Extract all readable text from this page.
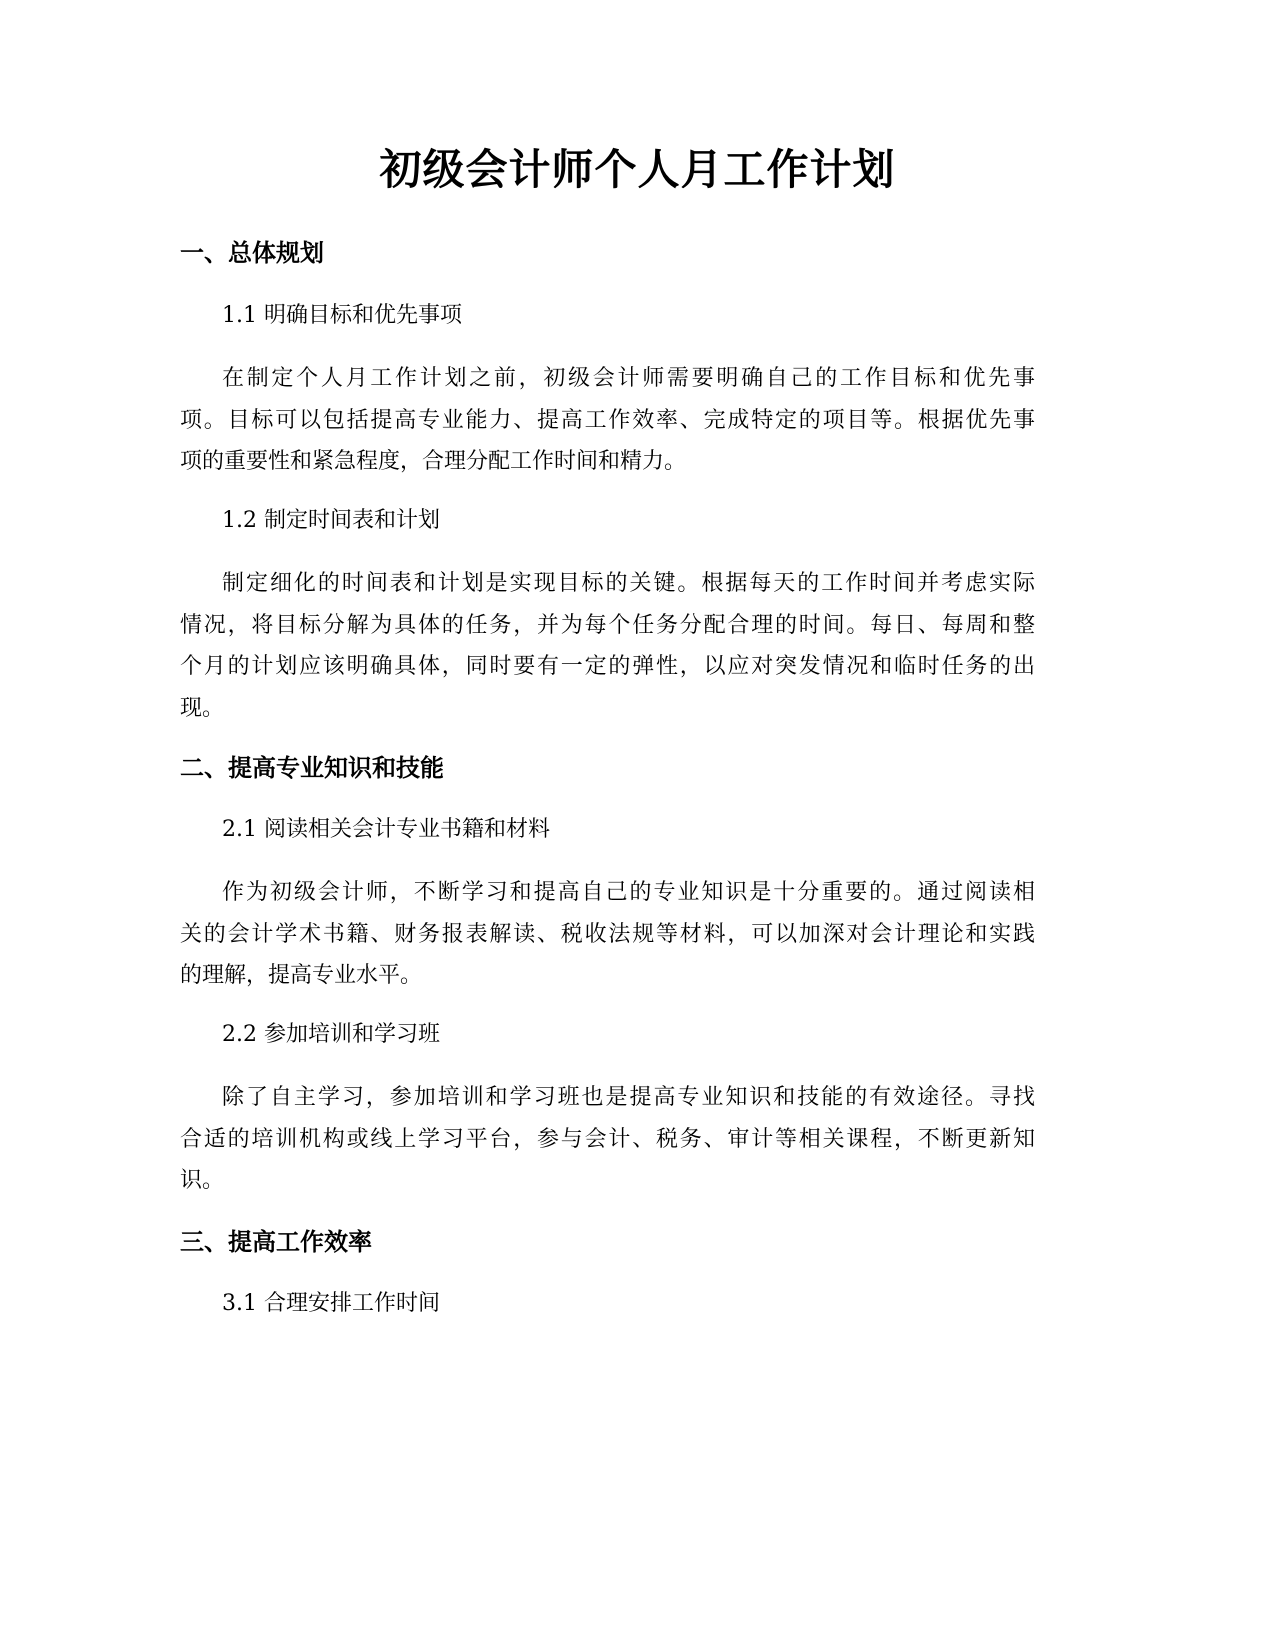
初级会计师个人月工作计划
一、总体规划
1.1 明确目标和优先事项
在制定个人月工作计划之前，初级会计师需要明确自己的工作目标和优先事
项。目标可以包括提高专业能力、提高工作效率、完成特定的项目等。根据优先事
项的重要性和紧急程度，合理分配工作时间和精力。
1.2 制定时间表和计划
制定细化的时间表和计划是实现目标的关键。根据每天的工作时间并考虑实际
情况，将目标分解为具体的任务，并为每个任务分配合理的时间。每日、每周和整
个月的计划应该明确具体，同时要有一定的弹性，以应对突发情况和临时任务的出
现。
二、提高专业知识和技能
2.1 阅读相关会计专业书籍和材料
作为初级会计师，不断学习和提高自己的专业知识是十分重要的。通过阅读相
关的会计学术书籍、财务报表解读、税收法规等材料，可以加深对会计理论和实践
的理解，提高专业水平。
2.2 参加培训和学习班
除了自主学习，参加培训和学习班也是提高专业知识和技能的有效途径。寻找
合适的培训机构或线上学习平台，参与会计、税务、审计等相关课程，不断更新知
识。
三、提高工作效率
3.1 合理安排工作时间
